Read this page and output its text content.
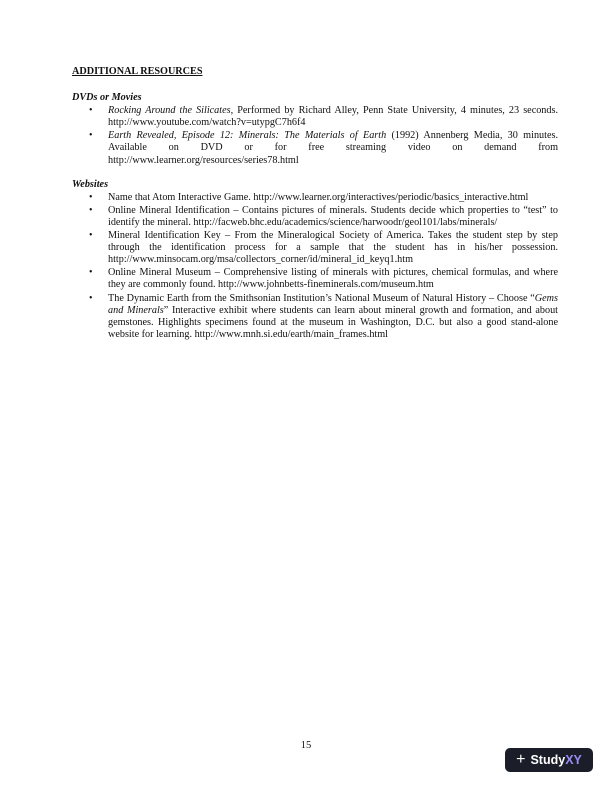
ADDITIONAL RESOURCES
DVDs or Movies
• Rocking Around the Silicates, Performed by Richard Alley, Penn State University, 4 minutes, 23 seconds. http://www.youtube.com/watch?v=utypgC7h6f4
• Earth Revealed, Episode 12: Minerals: The Materials of Earth (1992) Annenberg Media, 30 minutes. Available on DVD or for free streaming video on demand from http://www.learner.org/resources/series78.html
Websites
• Name that Atom Interactive Game. http://www.learner.org/interactives/periodic/basics_interactive.html
• Online Mineral Identification – Contains pictures of minerals. Students decide which properties to “test” to identify the mineral. http://facweb.bhc.edu/academics/science/harwoodr/geol101/labs/minerals/
• Mineral Identification Key – From the Mineralogical Society of America. Takes the student step by step through the identification process for a sample that the student has in his/her possession. http://www.minsocam.org/msa/collectors_corner/id/mineral_id_keyq1.htm
• Online Mineral Museum – Comprehensive listing of minerals with pictures, chemical formulas, and where they are commonly found. http://www.johnbetts-fineminerals.com/museum.htm
• The Dynamic Earth from the Smithsonian Institution’s National Museum of Natural History – Choose “Gems and Minerals” Interactive exhibit where students can learn about mineral growth and formation, and about gemstones. Highlights specimens found at the museum in Washington, D.C. but also a good stand-alone website for learning. http://www.mnh.si.edu/earth/main_frames.html
15
+ Study XY
